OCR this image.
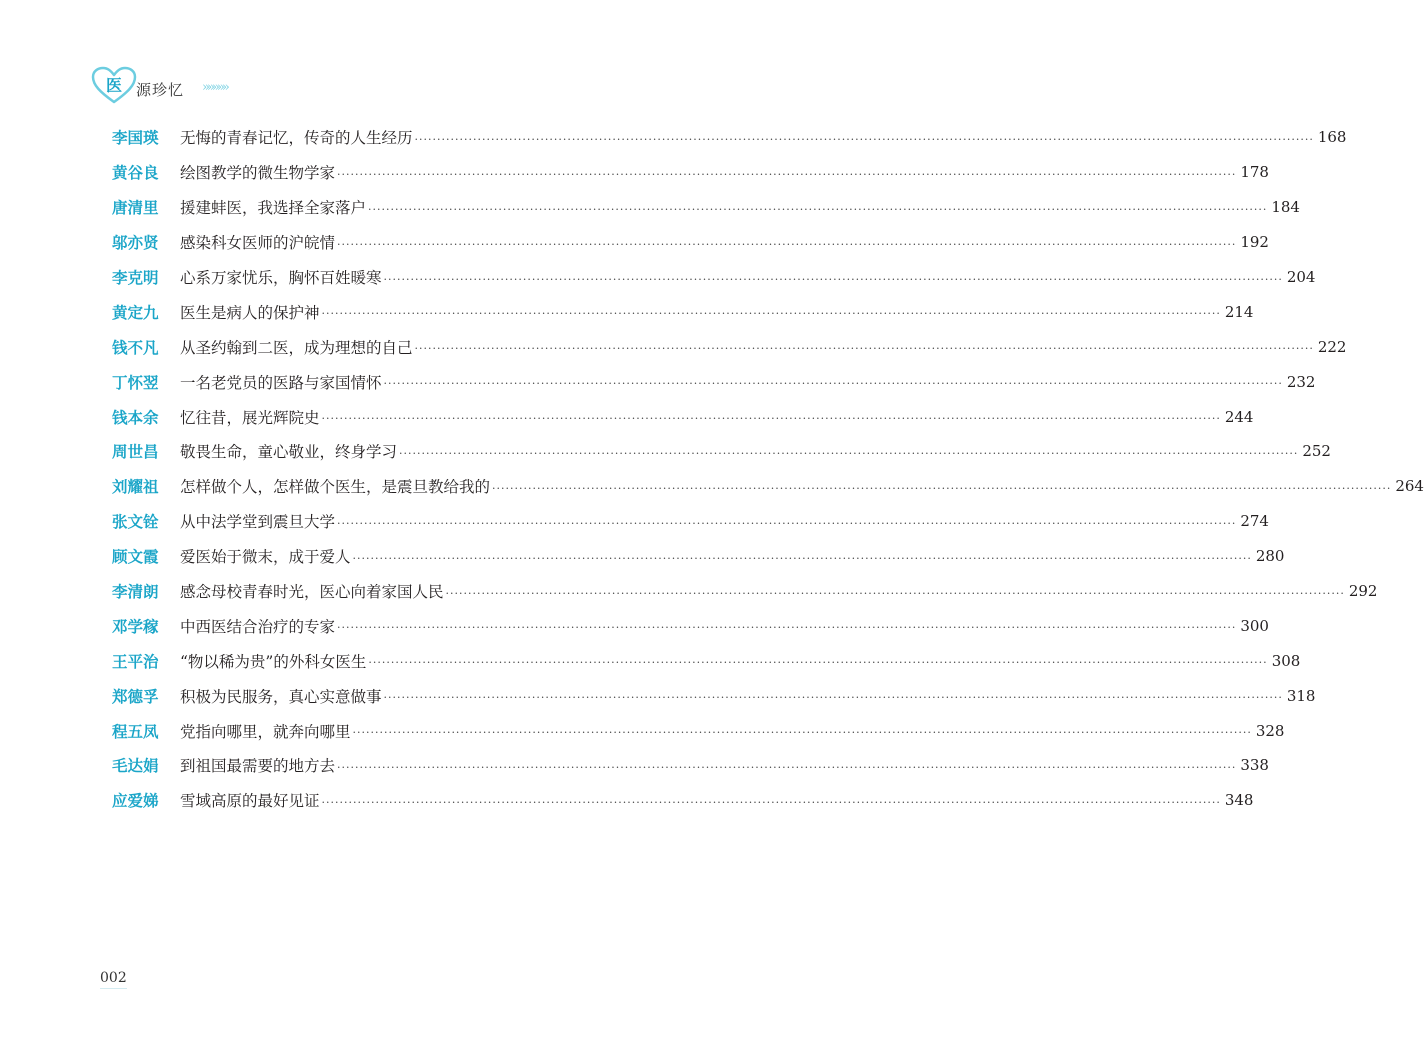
医 源珍忆 »»»»»
李国瑛	无悔的青春记忆，传奇的人生经历 ········································································································································································································ 168
黄谷良	绘图教学的微生物学家 ········································································································································································································ 178
唐清里	援建蚌医，我选择全家落户 ········································································································································································································ 184
邬亦贤	感染科女医师的沪皖情 ········································································································································································································ 192
李克明	心系万家忧乐，胸怀百姓暖寒 ········································································································································································································ 204
黄定九	医生是病人的保护神 ········································································································································································································ 214
钱不凡	从圣约翰到二医，成为理想的自己 ········································································································································································································ 222
丁怀翌	一名老党员的医路与家国情怀 ········································································································································································································ 232
钱本余	忆往昔，展光辉院史 ········································································································································································································ 244
周世昌	敬畏生命，童心敬业，终身学习 ········································································································································································································ 252
刘耀祖	怎样做个人，怎样做个医生，是震旦教给我的 ········································································································································································································ 264
张文铨	从中法学堂到震旦大学 ········································································································································································································ 274
顾文霞	爱医始于微末，成于爱人 ········································································································································································································ 280
李清朗	感念母校青春时光，医心向着家国人民 ········································································································································································································ 292
邓学稼	中西医结合治疗的专家 ········································································································································································································ 300
王平治	“物以稀为贵”的外科女医生 ········································································································································································································ 308
郑德孚	积极为民服务，真心实意做事 ········································································································································································································ 318
程五凤	党指向哪里，就奔向哪里 ········································································································································································································ 328
毛达娟	到祖国最需要的地方去 ········································································································································································································ 338
应爱娣	雪域高原的最好见证 ········································································································································································································ 348
002
